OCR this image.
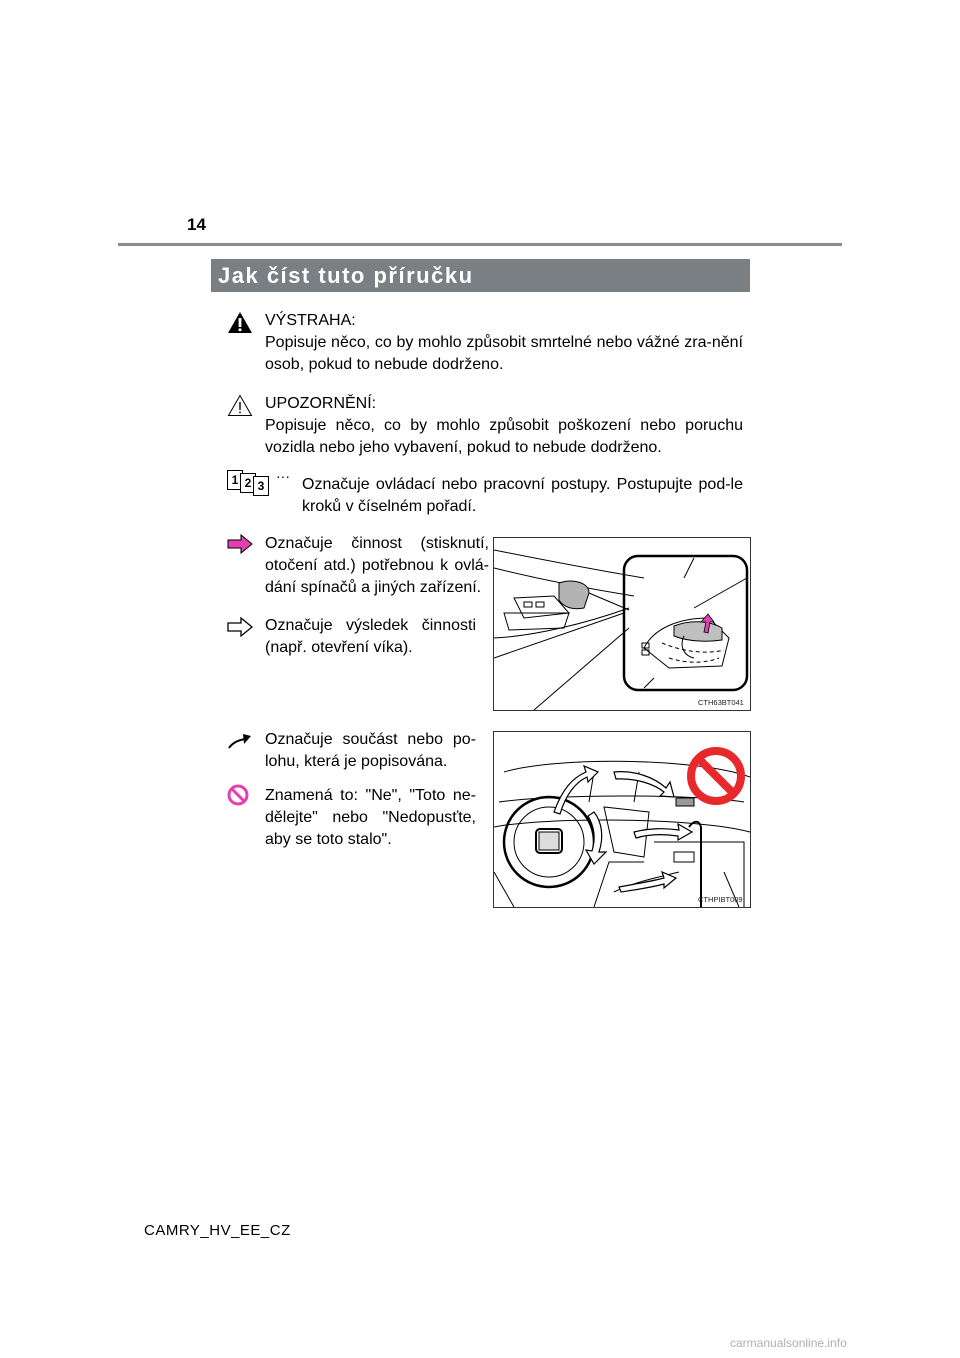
14
Jak číst tuto příručku
VÝSTRAHA:
Popisuje něco, co by mohlo způsobit smrtelné nebo vážné zra-nění osob, pokud to nebude dodrženo.
UPOZORNĚNÍ:
Popisuje něco, co by mohlo způsobit poškození nebo poruchu vozidla nebo jeho vybavení, pokud to nebude dodrženo.
1 2 3
··· Označuje ovládací nebo pracovní postupy. Postupujte pod-le kroků v číselném pořadí.
Označuje činnost (stisknutí, otočení atd.) potřebnou k ovlá-dání spínačů a jiných zařízení.
Označuje výsledek činnosti (např. otevření víka).
CTH63BT041
Označuje součást nebo po-lohu, která je popisována.
Znamená to: "Ne", "Toto ne-dělejte" nebo "Nedopusťte, aby se toto stalo".
CTHPIBT009
CAMRY_HV_EE_CZ
carmanualsonline.info
